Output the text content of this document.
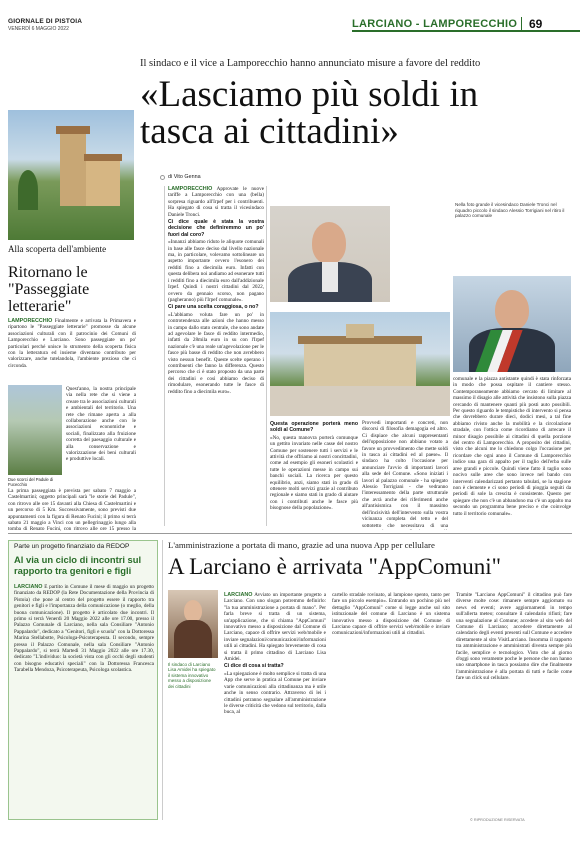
GIORNALE DI PISTOIA
VENERDÌ 6 MAGGIO 2022	LARCIANO - LAMPORECCHIO 69
Alla scoperta dell'ambiente
Ritornano le "Passeggiate letterarie"
LAMPORECCHIO Finalmente e arrivata la Primavera e ripartono le "Passeggiate letterarie" promosse da alcune associazioni culturali con il patrocinio dei Comuni di Lamporecchio e Larciano. Sono passeggiate un po' particolari perché unisce lo strumento della scoperta fisica con la letteratura ed insieme diventano contributo per valorizzare, anche tutelandola, l'ambiente prezioso che ci circonda.
Due scorci del Padule di Fucecchio
Quest'anno, la nostra principale via nella rete che si viene a creare tra le associazioni culturali e ambientali del territorio. Una rete che rimane aperta a alla collaborazione anche con le associazioni economiche e sociali, finalizzato alla fruizione corretta del paesaggio culturale e alla conservazione e valorizzazione dei beni culturali e produttive locali.
La prima passeggiata è prevista per sabato 7 maggio a Castelmartini; oggetto principali sarà "le storie del Padule", con ritrovo alle ore 15 davanti alla Chiesa di Castelmartini e un percorso di 5 Km. Successivamente, sono previsti due appuntamenti con la figura di Renato Fucini; il primo si terrà sabato 21 maggio a Vinci con un pellegrinaggio lungo alla tomba di Renato Fucini, con ritrovo alle ore 15 presso la
Il sindaco e il vice a Lamporecchio hanno annunciato misure a favore del reddito
«Lasciamo più soldi in tasca ai cittadini»
di Vito Genna
LAMPORECCHIO Approvate le nuove tariffe a Lamporecchio con una (bella) sorpresa riguardo all'Irpef per i contribuenti. Ha spiegato di cosa si tratta il vicesindaco Daniele Tronci.
Ci dice quale è stata la vostra decisione che definiremmo un po' fuori dal coro?
«Innanzi abbiamo riduto le aliquote comunali in base alle fasce deciso dal livello nazionale ma, in particolare, volevamo sottolineare un aspetto importante ovvero l'esonero dei redditi fino a diecimila euro. Infatti con questa delibera noi andiamo ad esonerare tutti i redditi fino a diecimila euro dall'addizionale Irpef. Quindi i nostri cittadini dal 2022, ovvero da gennaio scorso, non pagano (pagheranno) più l'Irpef comunale».
Ci pare una scelta coraggiosa, o no?
«L'abbiamo voluta fare un po' in controtendenza alle azioni che hanno messo in campo dallo stato centrale, che sono andate ad agevolare le fasce di reddito intermedio, infatti da 28mila euro in su con l'Irpef nazionale c'è una reale un'agevolazione per le fasce più basse di reddito che non avrebbero visto nessun benefit. Queste scelte operano i contribuenti che fanno la differenza. Questo percorso che ci è stato proposto da una parte dei cittadini e così abbiamo deciso di rimodulare, esonerando tutte le fasce di reddito fino a diecimila euro».
Nella foto grande il vicesindaco Daniele Tronci nel riquadro piccolo il sindaco Alessio Torrigiani nel ritiro il palazzo comunale
Questa operazione porterà meno soldi al Comune?
«No, questa manovra porterà comunque un gettito invariato nelle casse del nostro Comune per sostenere tutti i servizi e le attività che offriamo ai nostri concittadini, come ad esempio gli esoneri scolastici e tutte le operazioni messe in campo sui banchi sociali. La ricerca per questo equilibrio, anzi, siamo stati in grado di ottenere molti servizi grazie al contributo regionale e siamo stati in grado di aiutare con i contributi anche le fasce più bisognose della popolazione».
Provvedi importanti e concreti, non discorsi di filosofia demagogia ed altro. Ci dispiace che alcuni rappresentanti dell'opposizione non abbiano votato a favore un provvedimento che mette soldi in tasca ai cittadini ed al paese». Il sindaco ha colto l'occasione per annunciare l'avvio di importanti lavori alla sede del Comune. «Sono iniziati i lavori al palazzo comunale - ha spiegato Alessio Torrigiani - che vedranno l'interessamento della parte strutturale che avrà anche dei riferimenti anche all'antisismica con il massimo dell'incisività dell'intervento sulla vostra vicinanza completa del tetto e del sottotetto che necessitava di una
comunale e la piazza antistante quindi è stata rinforzata in modo che possa ospitare il cantiere stesso. Contemporaneamente abbiamo cercato di limitare al massimo il disagio alle attività che insistono sulla piazza cercando di mantenere quanti più posti auto possibili. Per questo riguardo le tempistiche di intervento si pensa che dovrebbero durare dieci, dodici mesi, a tal fine abbiamo rivisto anche la mobilità e la circolazione stradale, con l'ottica come ricordiamo di arrecare il minor disagio possibile ai cittadini di quella porzione del centro di Lamporecchio. A proposito dei cittadini, visto che alcuni me lo chiedono colgo l'occasione per ricordare che ogni anno il Comune di Lamporecchio indice una gara di appalto per il taglio dell'erba sulle aree grandi e piccole. Quindi viene fatto il taglio sono nocivo sulle aree che sono invece nel bando con interventi calendarizzati pertanto tabulati, se la stagione non è clemente e ci sono periodi di pioggia seguiti da periodi di sole la crescita è consistente. Questo per spiegare che non c'è un abbandono ma c'è un appalto ma secondo un programma bene preciso e che coinvolge tutto il territorio comunale».
Parte un progetto finanziato da REDOP
Al via un ciclo di incontri sul rapporto tra genitori e figli
LARCIANO È partito in Comune il mese di maggio un progetto finanziato da REDOP (la Rete Documentazione della Provincia di Pistoia) che pone al centro del progetto essere il rapporto tra genitori e figli e l'importanza della comunicazione (o meglio, della buona comunicazione). Il progetto è articolato due incontri. Il primo si terrà Venerdì 20 Maggio 2022 alle ore 17.00, presso il Palazzo Comunale di Larciano, nella sala Consiliare "Antonio Pappalardo", dedicato a "Genitori, figli e scuola" con la Dottoressa Marina Stellabotte, Psicologa-Psicoterapeuta. Il secondo, sempre presso il Palazzo Comunale, nella sala Consiliare "Antonio Pappalardo", si terrà Martedì 31 Maggio 2022 alle ore 17.30, dedicato "L'individuo: la società vista con gli occhi degli studenti con bisogno educativi speciali" con la Dottoressa Francesca Tarabella Mendoza, Psicoterapeuta, Psicologa scolastica.
L'amministrazione a portata di mano, grazie ad una nuova App per cellulare
A Larciano è arrivata "AppComuni"
Il sindaco di Larciano Lisa Amidei ha spiegato il sistema innovativo messo a disposizione dei cittadini
LARCIANO Avviato un importante progetto a Larciano. Con uno slogan potremmo definirlo: "la tua amministrazione a portata di mano". Per farla breve si tratta di un sistema, un'applicazione, che si chiama "AppComuni" innovativo messo a disposizione dal Comune di Larciano, capace di offrire servizi web/mobile e inviare segnalazioni/comunicazioni/informazioni utili ai cittadini. Ha spiegato brevemente di cosa si tratta il primo cittadino di Larciano Lisa Amidei.
Ci dice di cosa si tratta?
«La spiegazione è molto semplice si tratta di una App che serve in pratica al Comune per inviare varie comunicazioni alla cittadinanza ma è utile anche in senso contrario. Attraverso di lei i cittadini potranno segnalare all'amministrazione le diverse criticità che vedono sul territorio, dalla buca, al
cartello stradale rovinato, al lampione spento, tanto per fare un piccolo esempio». Entrando un pochino più nel dettaglio "AppComuni" come si legge anche sul sito istituzionale del comune di Larciano è un sistema innovativo messo a disposizione del Comune di Larciano capace di offrire servizi web/mobile e inviare comunicazioni/informazioni utili ai cittadini.
Tramite "Larciano AppComuni" il cittadino può fare diverse molte cose: rimanere sempre aggiornato su news ed eventi; avere aggiornamenti in tempo sull'allerta meteo; consultare il calendario rifiuti; fare una segnalazione al Comune; accedere al sito web del Comune di Larciano; accedere direttamente al calendario degli eventi presenti sull Comune e accedere direttamente al sito VisitLarciano. Insomma il rapporto tra amministrazione e amministrati diventa sempre più facile, semplice e tecnologico. Visto che al giorno d'oggi sono veramente poche le persone che non hanno uno smartphone in tasca possiamo dire che finalmente l'amministrazione è alla portata di tutti e facile come fare un click sul cellulare.
© RIPRODUZIONE RISERVATA
